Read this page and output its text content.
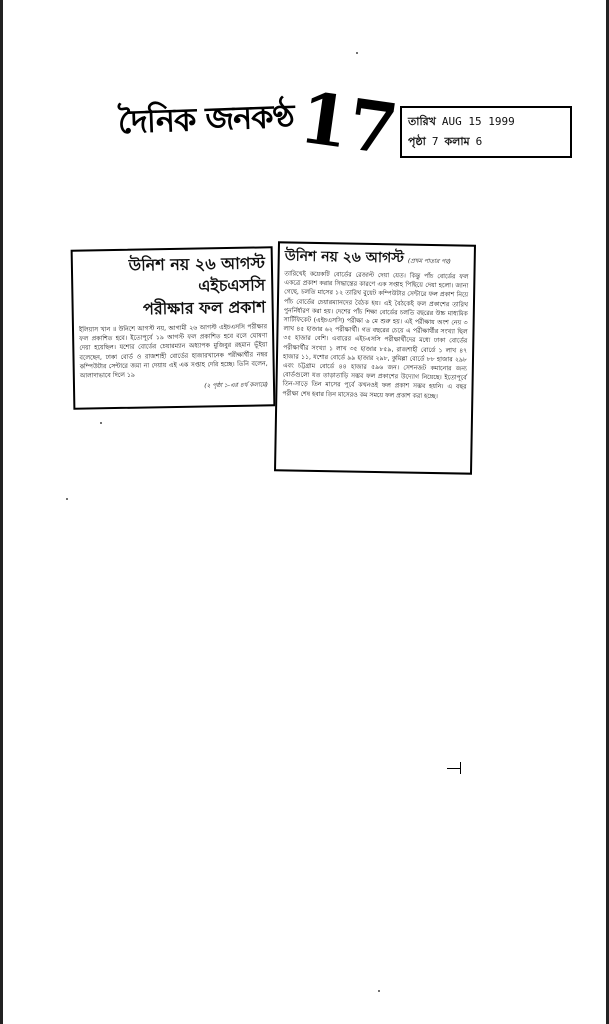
দৈনিক জনকণ্ঠ 17 তারিখ AUG 15 1999
পৃষ্ঠা 7 কলাম 6
উনিশ নয় ২৬ আগস্ট
এইচএসসি
পরীক্ষার ফল প্রকাশ
ইলিয়াস খান ॥ উনিশে আগস্ট নয়, আগামী ২৬ আগস্ট এইচএসসি পরীক্ষার ফল প্রকাশিত হবে। ইতোপূর্বে ১৯ আগস্ট ফল প্রকাশিত হবে বলে ঘোষণা দেয়া হয়েছিল। যশোর বোর্ডের চেয়ারম্যান অধ্যাপক মুজিবুর রহমান ভূঁইয়া বলেছেন, ঢাকা বোর্ড ও রাজশাহী বোর্ডের হাজারখানেক পরীক্ষার্থীর নম্বর কম্পিউটার সেন্টারে জমা না দেয়ায় এই এক সপ্তাহ দেরি হচ্ছে। তিনি বলেন, আলাদাভাবে দিলে ১৯
(২ পৃষ্ঠা ১-এর ৪র্থ কলামে)
উনিশ নয় ২৬ আগস্ট (প্রথম পাতার পর)
তারিখেই কয়েকটি বোর্ডের রেজাল্ট দেয়া যেত। কিন্তু পাঁচ বোর্ডের ফল একত্রে প্রকাশ করার সিদ্ধান্তের কারণে এক সপ্তাহ পিছিয়ে দেয়া হলো। জানা গেছে, চলতি মাসের ১২ তারিখ বুয়েট কম্পিউটার সেন্টারে ফল প্রকাশ নিয়ে পাঁচ বোর্ডের চেয়ারম্যানদের বৈঠক হয়। এই বৈঠকেই ফল প্রকাশের তারিখ পুনর্নির্ধারণ করা হয়। দেশের পাঁচ শিক্ষা বোর্ডের চলতি বছরের উচ্চ মাধ্যমিক সার্টিফিকেট (এইচএসসি) পরীক্ষা ৬ মে শুরু হয়। এই পরীক্ষায় অংশ নেয় ৩ লাখ ৪৫ হাজার ৬২ পরীক্ষার্থী। গত বছরের চেয়ে এ পরীক্ষার্থীর সংখ্যা ছিল ৩৫ হাজার বেশি। এবারের এইচএসসি পরীক্ষার্থীদের মধ্যে ঢাকা বোর্ডের পরীক্ষার্থীর সংখ্যা ১ লাখ ৩৫ হাজার ৮৫৯, রাজশাহী বোর্ডে ১ লাখ ৪৭ হাজার ১১, যশোর বোর্ডে ৯৯ হাজার ২৯৮, কুমিল্লা বোর্ডে ৮৮ হাজার ২৯৮ এবং চট্টগ্রাম বোর্ডে ৪৪ হাজার ৫৯৬ জন। সেশনজট কমানোর জন্য বোর্ডগুলো যত তাড়াতাড়ি সম্ভব ফল প্রকাশের উদ্যোগ নিয়েছে। ইতোপূর্বে তিন-সাড়ে তিন মাসের পূর্বে কখনওই ফল প্রকাশ সম্ভব হয়নি। এ বছর পরীক্ষা শেষ হবার তিন মাসেরও কম সময়ে ফল প্রকাশ করা হচ্ছে।
